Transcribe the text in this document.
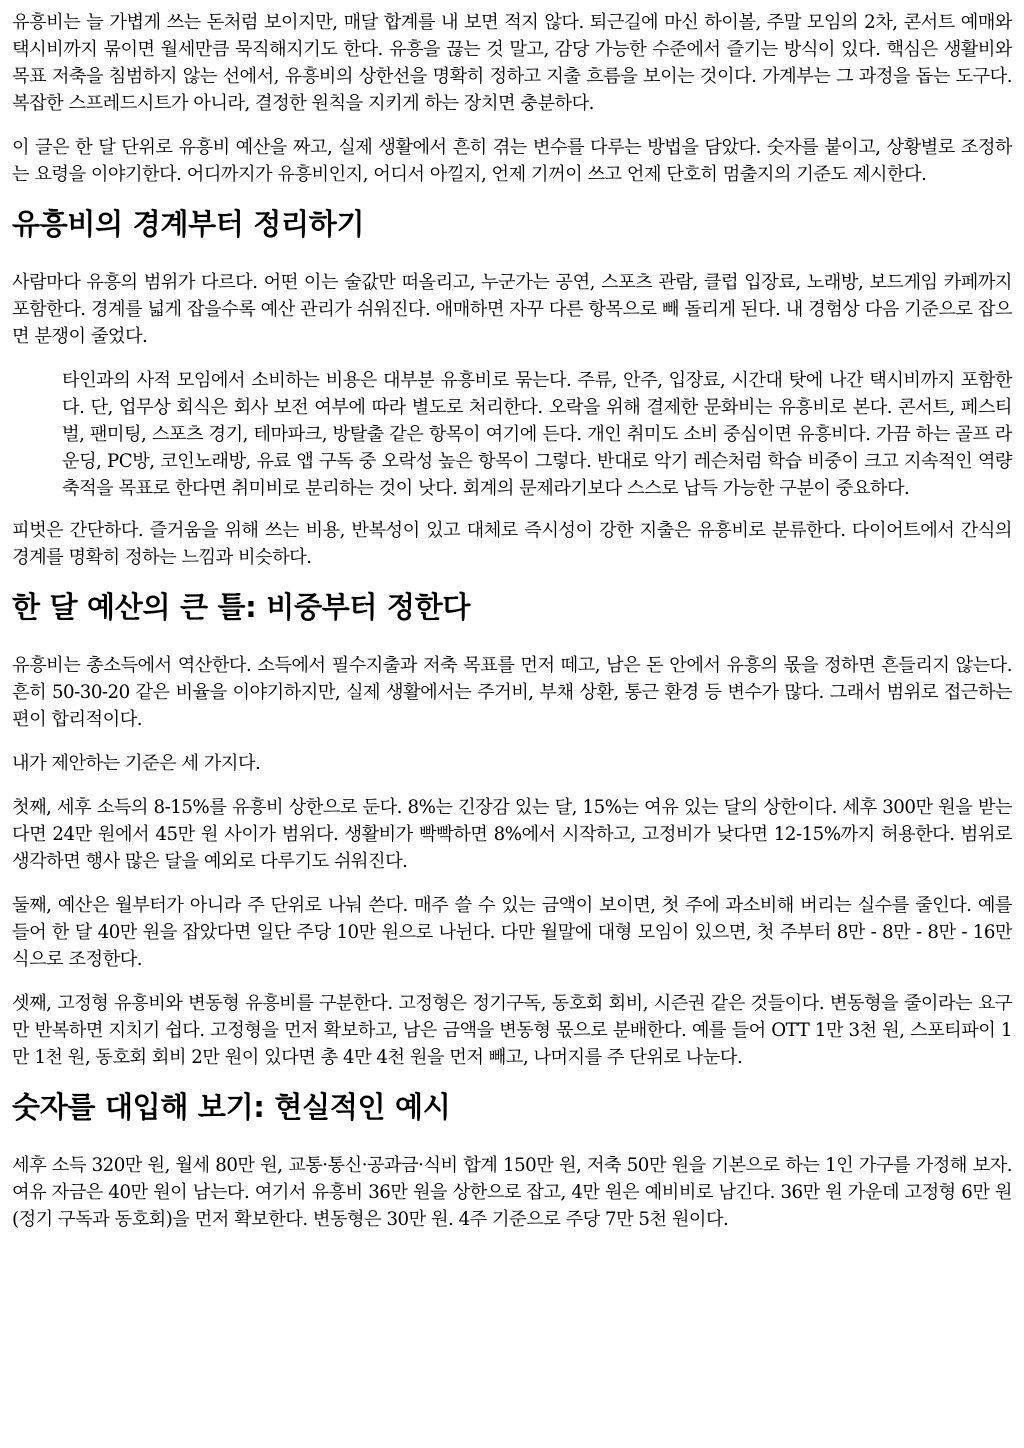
유흥비는 늘 가볍게 쓰는 돈처럼 보이지만, 매달 합계를 내 보면 적지 않다. 퇴근길에 마신 하이볼, 주말 모임의 2차, 콘서트 예매와 택시비까지 묶이면 월세만큼 묵직해지기도 한다. 유흥을 끊는 것 말고, 감당 가능한 수준에서 즐기는 방식이 있다. 핵심은 생활비와 목표 저축을 침범하지 않는 선에서, 유흥비의 상한선을 명확히 정하고 지출 흐름을 보이는 것이다. 가계부는 그 과정을 돕는 도구다. 복잡한 스프레드시트가 아니라, 결정한 원칙을 지키게 하는 장치면 충분하다.

이 글은 한 달 단위로 유흥비 예산을 짜고, 실제 생활에서 흔히 겪는 변수를 다루는 방법을 담았다. 숫자를 붙이고, 상황별로 조정하는 요령을 이야기한다. 어디까지가 유흥비인지, 어디서 아낄지, 언제 기꺼이 쓰고 언제 단호히 멈출지의 기준도 제시한다.

유흥비의 경계부터 정리하기

사람마다 유흥의 범위가 다르다. 어떤 이는 술값만 떠올리고, 누군가는 공연, 스포츠 관람, 클럽 입장료, 노래방, 보드게임 카페까지 포함한다. 경계를 넓게 잡을수록 예산 관리가 쉬워진다. 애매하면 자꾸 다른 항목으로 빼 돌리게 된다. 내 경험상 다음 기준으로 잡으면 분쟁이 줄었다.

타인과의 사적 모임에서 소비하는 비용은 대부분 유흥비로 묶는다. 주류, 안주, 입장료, 시간대 탓에 나간 택시비까지 포함한다. 단, 업무상 회식은 회사 보전 여부에 따라 별도로 처리한다. 오락을 위해 결제한 문화비는 유흥비로 본다. 콘서트, 페스티벌, 팬미팅, 스포츠 경기, 테마파크, 방탈출 같은 항목이 여기에 든다. 개인 취미도 소비 중심이면 유흥비다. 가끔 하는 골프 라운딩, PC방, 코인노래방, 유료 앱 구독 중 오락성 높은 항목이 그렇다. 반대로 악기 레슨처럼 학습 비중이 크고 지속적인 역량 축적을 목표로 한다면 취미비로 분리하는 것이 낫다. 회계의 문제라기보다 스스로 납득 가능한 구분이 중요하다.

피벗은 간단하다. 즐거움을 위해 쓰는 비용, 반복성이 있고 대체로 즉시성이 강한 지출은 유흥비로 분류한다. 다이어트에서 간식의 경계를 명확히 정하는 느낌과 비슷하다.

한 달 예산의 큰 틀: 비중부터 정한다

유흥비는 총소득에서 역산한다. 소득에서 필수지출과 저축 목표를 먼저 떼고, 남은 돈 안에서 유흥의 몫을 정하면 흔들리지 않는다. 흔히 50-30-20 같은 비율을 이야기하지만, 실제 생활에서는 주거비, 부채 상환, 통근 환경 등 변수가 많다. 그래서 범위로 접근하는 편이 합리적이다.

내가 제안하는 기준은 세 가지다.

첫째, 세후 소득의 8-15%를 유흥비 상한으로 둔다. 8%는 긴장감 있는 달, 15%는 여유 있는 달의 상한이다. 세후 300만 원을 받는다면 24만 원에서 45만 원 사이가 범위다. 생활비가 빡빡하면 8%에서 시작하고, 고정비가 낮다면 12-15%까지 허용한다. 범위로 생각하면 행사 많은 달을 예외로 다루기도 쉬워진다.

둘째, 예산은 월부터가 아니라 주 단위로 나눠 쓴다. 매주 쓸 수 있는 금액이 보이면, 첫 주에 과소비해 버리는 실수를 줄인다. 예를 들어 한 달 40만 원을 잡았다면 일단 주당 10만 원으로 나뉜다. 다만 월말에 대형 모임이 있으면, 첫 주부터 8만 - 8만 - 8만 - 16만 식으로 조정한다.

셋째, 고정형 유흥비와 변동형 유흥비를 구분한다. 고정형은 정기구독, 동호회 회비, 시즌권 같은 것들이다. 변동형을 줄이라는 요구만 반복하면 지치기 쉽다. 고정형을 먼저 확보하고, 남은 금액을 변동형 몫으로 분배한다. 예를 들어 OTT 1만 3천 원, 스포티파이 1만 1천 원, 동호회 회비 2만 원이 있다면 총 4만 4천 원을 먼저 빼고, 나머지를 주 단위로 나눈다.

숫자를 대입해 보기: 현실적인 예시

세후 소득 320만 원, 월세 80만 원, 교통·통신·공과금·식비 합계 150만 원, 저축 50만 원을 기본으로 하는 1인 가구를 가정해 보자. 여유 자금은 40만 원이 남는다. 여기서 유흥비 36만 원을 상한으로 잡고, 4만 원은 예비비로 남긴다. 36만 원 가운데 고정형 6만 원(정기 구독과 동호회)을 먼저 확보한다. 변동형은 30만 원. 4주 기준으로 주당 7만 5천 원이다.
